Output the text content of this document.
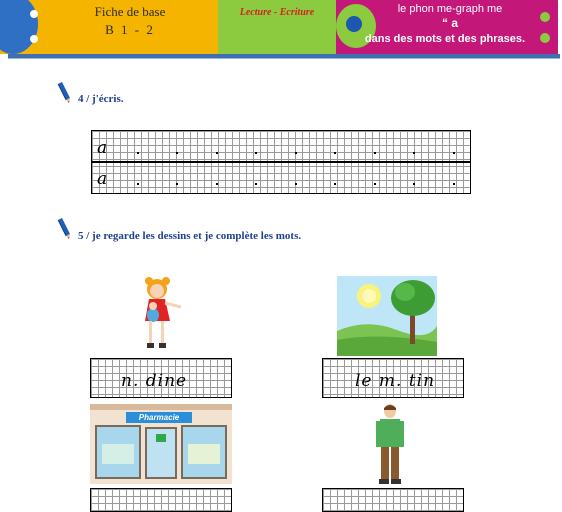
Fiche de base
B 1 - 2
Lecture - Ecriture	le phon me-graph me
“ a
dans des mots et des phrases.
4 / j'écris.
a
a
5 / je regarde les dessins et je complète les mots.
n. dine	le m. tin
Pharmacie
